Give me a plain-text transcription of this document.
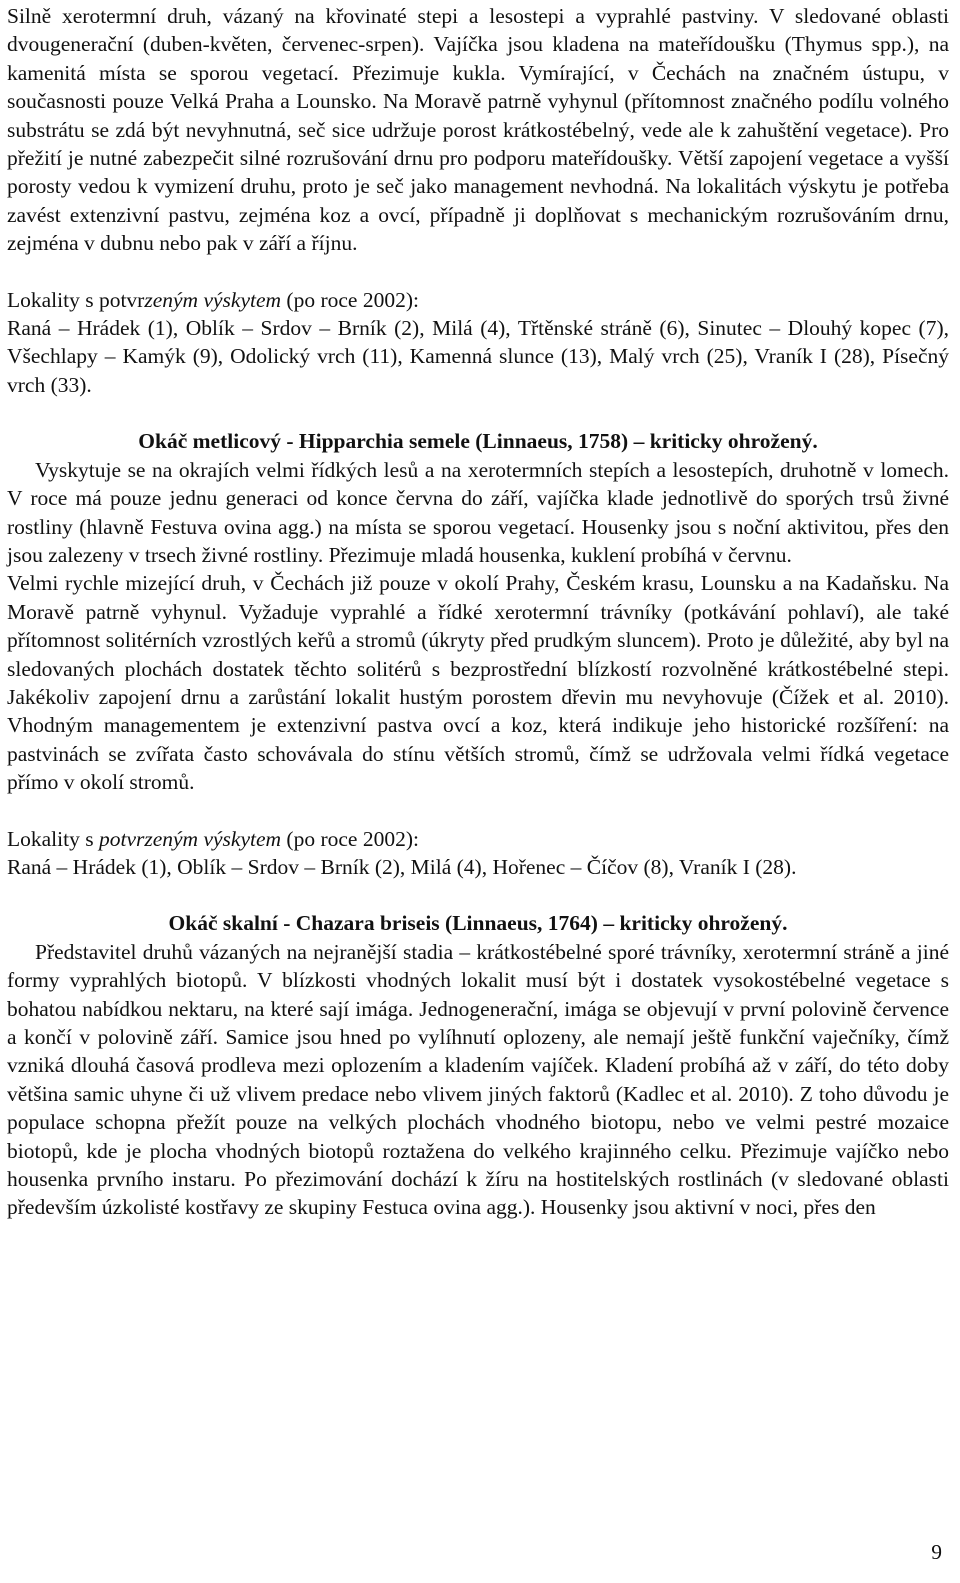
Silně xerotermní druh, vázaný na křovinaté stepi a lesostepi a vyprahlé pastviny. V sledované oblasti dvougenerační (duben-květen, červenec-srpen). Vajíčka jsou kladena na mateřídoušku (Thymus spp.), na kamenitá místa se sporou vegetací. Přezimuje kukla. Vymírající, v Čechách na značném ústupu, v současnosti pouze Velká Praha a Lounsko. Na Moravě patrně vyhynul (přítomnost značného podílu volného substrátu se zdá být nevyhnutná, seč sice udržuje porost krátkostébelný, vede ale k zahuštění vegetace). Pro přežití je nutné zabezpečit silné rozrušování drnu pro podporu mateřídoušky. Větší zapojení vegetace a vyšší porosty vedou k vymizení druhu, proto je seč jako management nevhodná. Na lokalitách výskytu je potřeba zavést extenzivní pastvu, zejména koz a ovcí, případně ji doplňovat s mechanickým rozrušováním drnu, zejména v dubnu nebo pak v září a říjnu.

Lokality s potvrzeným výskytem (po roce 2002):

Raná – Hrádek (1), Oblík – Srdov – Brník (2), Milá (4), Třtěnské stráně (6), Sinutec – Dlouhý kopec (7), Všechlapy – Kamýk (9), Odolický vrch (11), Kamenná slunce (13), Malý vrch (25), Vraník I (28), Písečný vrch (33).

Okáč metlicový - Hipparchia semele (Linnaeus, 1758) – kriticky ohrožený.

Vyskytuje se na okrajích velmi řídkých lesů a na xerotermních stepích a lesostepích, druhotně v lomech. V roce má pouze jednu generaci od konce června do září, vajíčka klade jednotlivě do sporých trsů živné rostliny (hlavně Festuva ovina agg.) na místa se sporou vegetací. Housenky jsou s noční aktivitou, přes den jsou zalezeny v trsech živné rostliny. Přezimuje mladá housenka, kuklení probíhá v červnu.

Velmi rychle mizející druh, v Čechách již pouze v okolí Prahy, Českém krasu, Lounsku a na Kadaňsku. Na Moravě patrně vyhynul. Vyžaduje vyprahlé a řídké xerotermní trávníky (potkávání pohlaví), ale také přítomnost solitérních vzrostlých keřů a stromů (úkryty před prudkým sluncem). Proto je důležité, aby byl na sledovaných plochách dostatek těchto solitérů s bezprostřední blízkostí rozvolněné krátkostébelné stepi. Jakékoliv zapojení drnu a zarůstání lokalit hustým porostem dřevin mu nevyhovuje (Čížek et al. 2010). Vhodným managementem je extenzivní pastva ovcí a koz, která indikuje jeho historické rozšíření: na pastvinách se zvířata často schovávala do stínu větších stromů, čímž se udržovala velmi řídká vegetace přímo v okolí stromů.

Lokality s potvrzeným výskytem (po roce 2002):

Raná – Hrádek (1), Oblík – Srdov – Brník (2), Milá (4), Hořenec – Číčov (8), Vraník I (28).

Okáč skalní - Chazara briseis (Linnaeus, 1764) – kriticky ohrožený.

Představitel druhů vázaných na nejranější stadia – krátkostébelné sporé trávníky, xerotermní stráně a jiné formy vyprahlých biotopů. V blízkosti vhodných lokalit musí být i dostatek vysokostébelné vegetace s bohatou nabídkou nektaru, na které sají imága. Jednogenerační, imága se objevují v první polovině července a končí v polovině září. Samice jsou hned po vylíhnutí oplozeny, ale nemají ještě funkční vaječníky, čímž vzniká dlouhá časová prodleva mezi oplozením a kladením vajíček. Kladení probíhá až v září, do této doby většina samic uhyne či už vlivem predace nebo vlivem jiných faktorů (Kadlec et al. 2010). Z toho důvodu je populace schopna přežít pouze na velkých plochách vhodného biotopu, nebo ve velmi pestré mozaice biotopů, kde je plocha vhodných biotopů roztažena do velkého krajinného celku. Přezimuje vajíčko nebo housenka prvního instaru. Po přezimování dochází k žíru na hostitelských rostlinách (v sledované oblasti především úzkolisté kostřavy ze skupiny Festuca ovina agg.). Housenky jsou aktivní v noci, přes den

9
